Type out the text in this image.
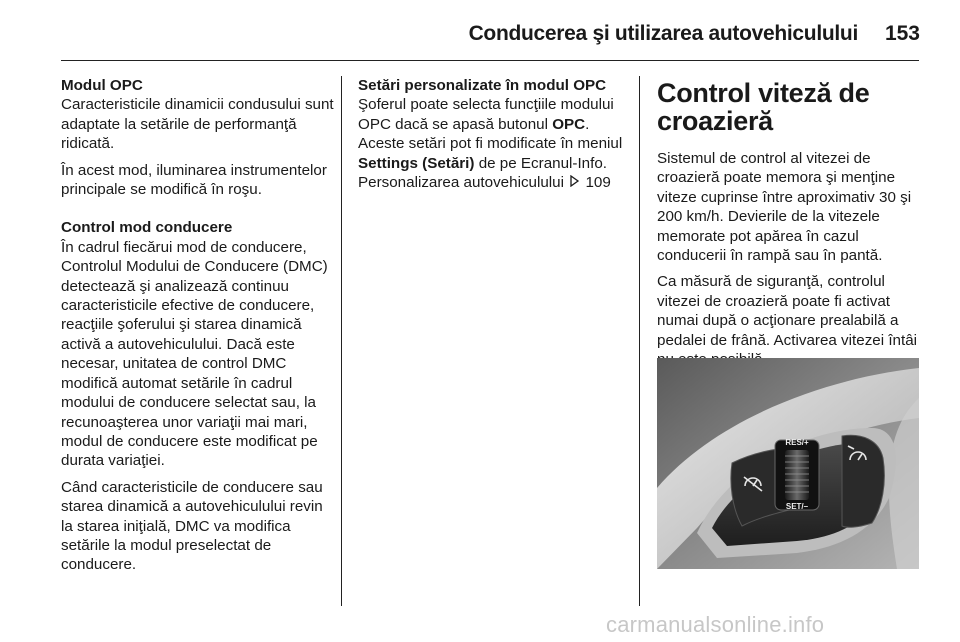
Conducerea şi utilizarea autovehiculului 153
Modul OPC
Caracteristicile dinamicii condusului sunt adaptate la setările de performanţă ridicată.
În acest mod, iluminarea instrumentelor principale se modifică în roşu.
Control mod conducere
În cadrul fiecărui mod de conducere, Controlul Modului de Conducere (DMC) detectează şi analizează continuu caracteristicile efective de conducere, reacţiile şoferului şi starea dinamică activă a autovehiculului. Dacă este necesar, unitatea de control DMC modifică automat setările în cadrul modului de conducere selectat sau, la recunoaşterea unor variaţii mai mari, modul de conducere este modificat pe durata variaţiei.
Când caracteristicile de conducere sau starea dinamică a autovehiculului revin la starea iniţială, DMC va modifica setările la modul preselectat de conducere.
Setări personalizate în modul OPC
Şoferul poate selecta funcţiile modului OPC dacă se apasă butonul OPC. Aceste setări pot fi modificate în meniul Settings (Setări) de pe Ecranul-Info. Personalizarea autovehiculului  109
Control viteză de croazieră
Sistemul de control al vitezei de croazieră poate memora şi menţine viteze cuprinse între aproximativ 30 şi 200 km/h. Devierile de la vitezele memorate pot apărea în cazul conducerii în rampă sau în pantă.
Ca măsură de siguranţă, controlul vitezei de croazieră poate fi activat numai după o acţionare prealabilă a pedalei de frână. Activarea vitezei întâi
RES/+
SET/–
carmanualsonline.info
